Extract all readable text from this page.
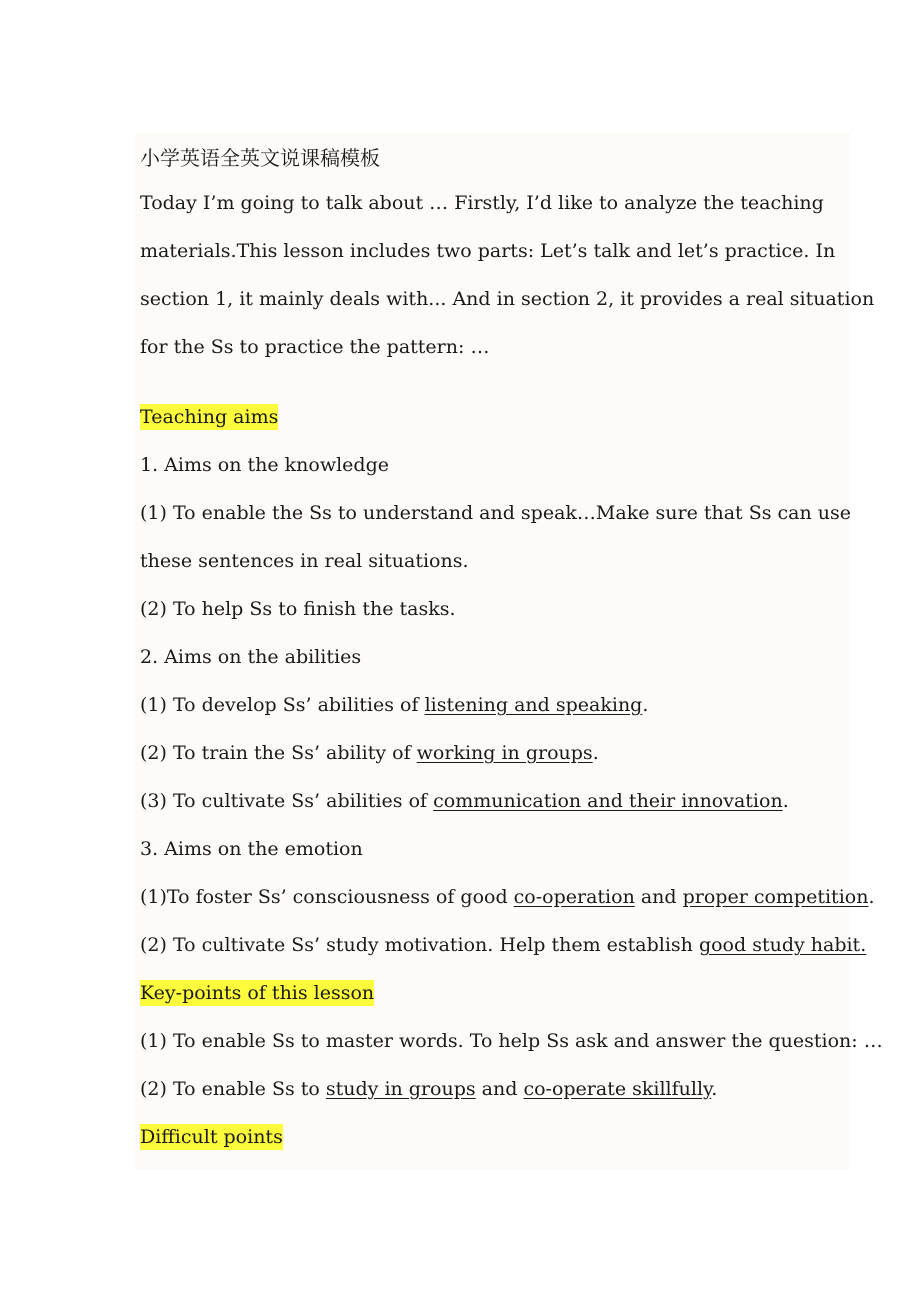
小学英语全英文说课稿模板
Today I’m going to talk about … Firstly, I’d like to analyze the teaching
materials.This lesson includes two parts: Let’s talk and let’s practice. In
section 1, it mainly deals with... And in section 2, it provides a real situation
for the Ss to practice the pattern: …
Teaching aims
1. Aims on the knowledge
(1) To enable the Ss to understand and speak…Make sure that Ss can use
these sentences in real situations.
(2) To help Ss to finish the tasks.
2. Aims on the abilities
(1) To develop Ss’ abilities of listening and speaking.
(2) To train the Ss’ ability of working in groups.
(3) To cultivate Ss’ abilities of communication and their innovation.
3. Aims on the emotion
(1)To foster Ss’ consciousness of good co-operation and proper competition.
(2) To cultivate Ss’ study motivation. Help them establish good study habit.
Key-points of this lesson
(1) To enable Ss to master words. To help Ss ask and answer the question: …
(2) To enable Ss to study in groups and co-operate skillfully.
Difficult points
